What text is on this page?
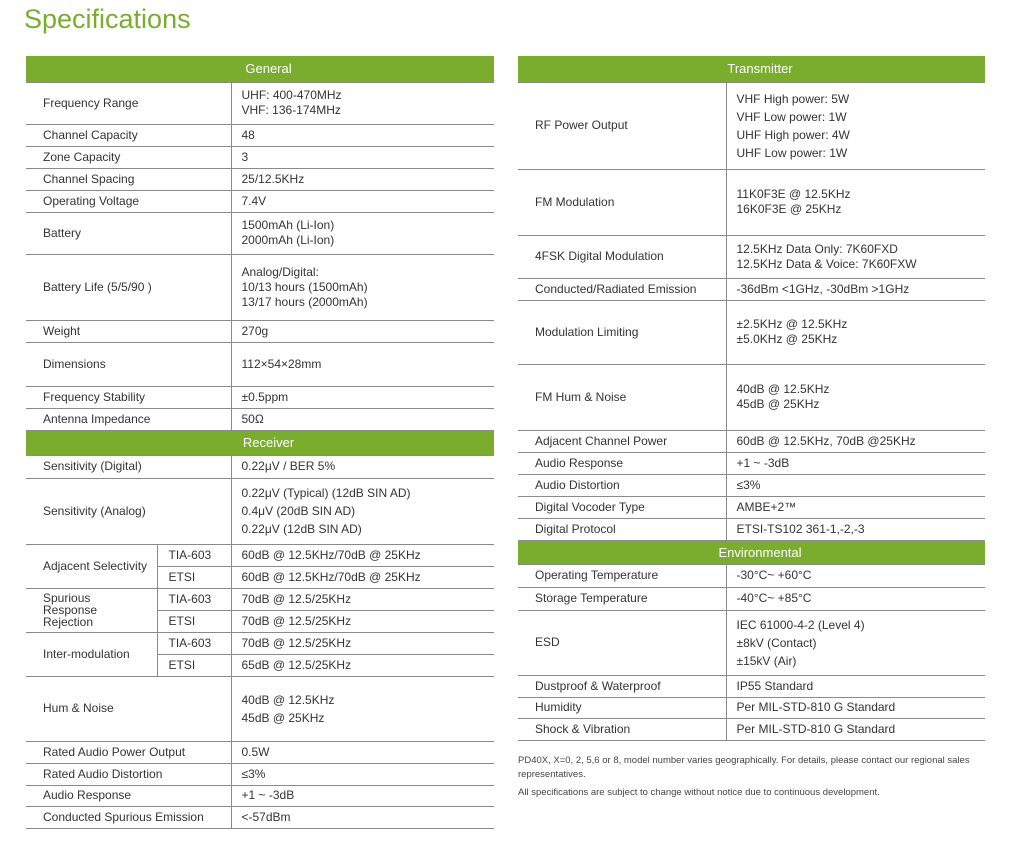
Specifications
General		
Frequency Range		UHF: 400-470MHz
VHF: 136-174MHz

Channel Capacity		48
Zone Capacity		3
Channel Spacing		25/12.5KHz
Operating Voltage		7.4V
Battery		1500mAh (Li-Ion)
2000mAh (Li-Ion)

Battery Life (5/5/90 )		Analog/Digital:
10/13 hours (1500mAh)
13/17 hours (2000mAh)

Weight		270g
Dimensions		112×54×28mm
Frequency Stability		±0.5ppm
Antenna Impedance		50Ω
Receiver		
Sensitivity (Digital)		0.22μV / BER 5%
Sensitivity (Analog)		0.22μV (Typical) (12dB SIN AD)
0.4μV (20dB SIN AD)
0.22μV (12dB SIN AD)

Adjacent Selectivity	TIA-603	60dB @ 12.5KHz/70dB @ 25KHz
	ETSI	60dB @ 12.5KHz/70dB @ 25KHz

Spurious
Response
Rejection	TIA-603	70dB @ 12.5/25KHz
	ETSI	70dB @ 12.5/25KHz
Inter-modulation	TIA-603	70dB @ 12.5/25KHz
	ETSI	65dB @ 12.5/25KHz
Hum & Noise		40dB @ 12.5KHz
45dB @ 25KHz

Rated Audio Power Output		0.5W
Rated Audio Distortion		≤3%
Audio Response		+1 ~ -3dB
Conducted Spurious Emission		<-57dBm
Transmitter	
RF Power Output	VHF High power: 5W
VHF Low power: 1W
UHF High power: 4W
UHF Low power: 1W

FM Modulation	11K0F3E @ 12.5KHz
16K0F3E @ 25KHz

4FSK Digital Modulation	12.5KHz Data Only: 7K60FXD
12.5KHz Data & Voice: 7K60FXW

Conducted/Radiated Emission	-36dBm <1GHz, -30dBm >1GHz
Modulation Limiting	±2.5KHz @ 12.5KHz
±5.0KHz @ 25KHz

FM Hum & Noise	40dB @ 12.5KHz
45dB @ 25KHz

Adjacent Channel Power	60dB @ 12.5KHz, 70dB @25KHz
Audio Response	+1 ~ -3dB
Audio Distortion	≤3%
Digital Vocoder Type	AMBE+2™
Digital Protocol	ETSI-TS102 361-1,-2,-3
Environmental	
Operating Temperature	-30°C~ +60°C
Storage Temperature	-40°C~ +85°C
ESD	IEC 61000-4-2 (Level 4)
±8kV (Contact)
±15kV (Air)

Dustproof & Waterproof	IP55 Standard
Humidity	Per MIL-STD-810 G Standard
Shock & Vibration	Per MIL-STD-810 G Standard

PD40X, X=0, 2, 5,6 or 8, model number varies geographically. For details, please contact our regional sales representatives.

All specifications are subject to change without notice due to continuous development.
